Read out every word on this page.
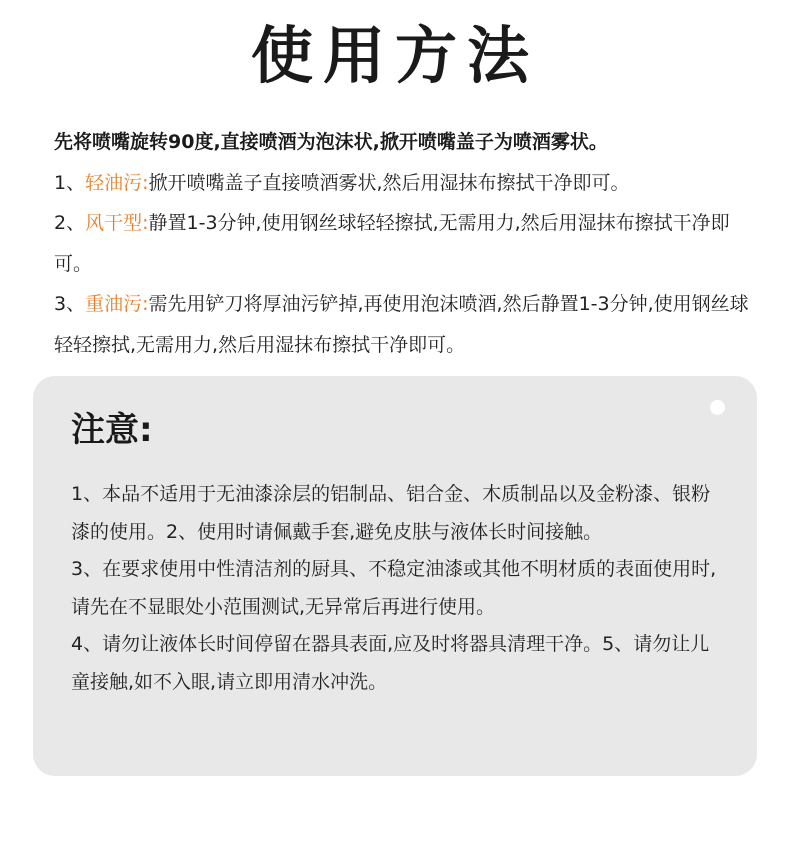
使用方法
先将喷嘴旋转90度,直接喷酒为泡沫状,掀开喷嘴盖子为喷酒雾状。
1、轻油污:掀开喷嘴盖子直接喷酒雾状,然后用湿抹布擦拭干净即可。
2、风干型:静置1-3分钟,使用钢丝球轻轻擦拭,无需用力,然后用湿抹布擦拭干净即可。
3、重油污:需先用铲刀将厚油污铲掉,再使用泡沫喷酒,然后静置1-3分钟,使用钢丝球轻轻擦拭,无需用力,然后用湿抹布擦拭干净即可。
注意:

1、本品不适用于无油漆涂层的铝制品、铝合金、木质制品以及金粉漆、银粉漆的使用。2、使用时请佩戴手套,避免皮肤与液体长时间接触。

3、在要求使用中性清洁剂的厨具、不稳定油漆或其他不明材质的表面使用时,请先在不显眼处小范围测试,无异常后再进行使用。

4、请勿让液体长时间停留在器具表面,应及时将器具清理干净。5、请勿让儿童接触,如不入眼,请立即用清水冲洗。
